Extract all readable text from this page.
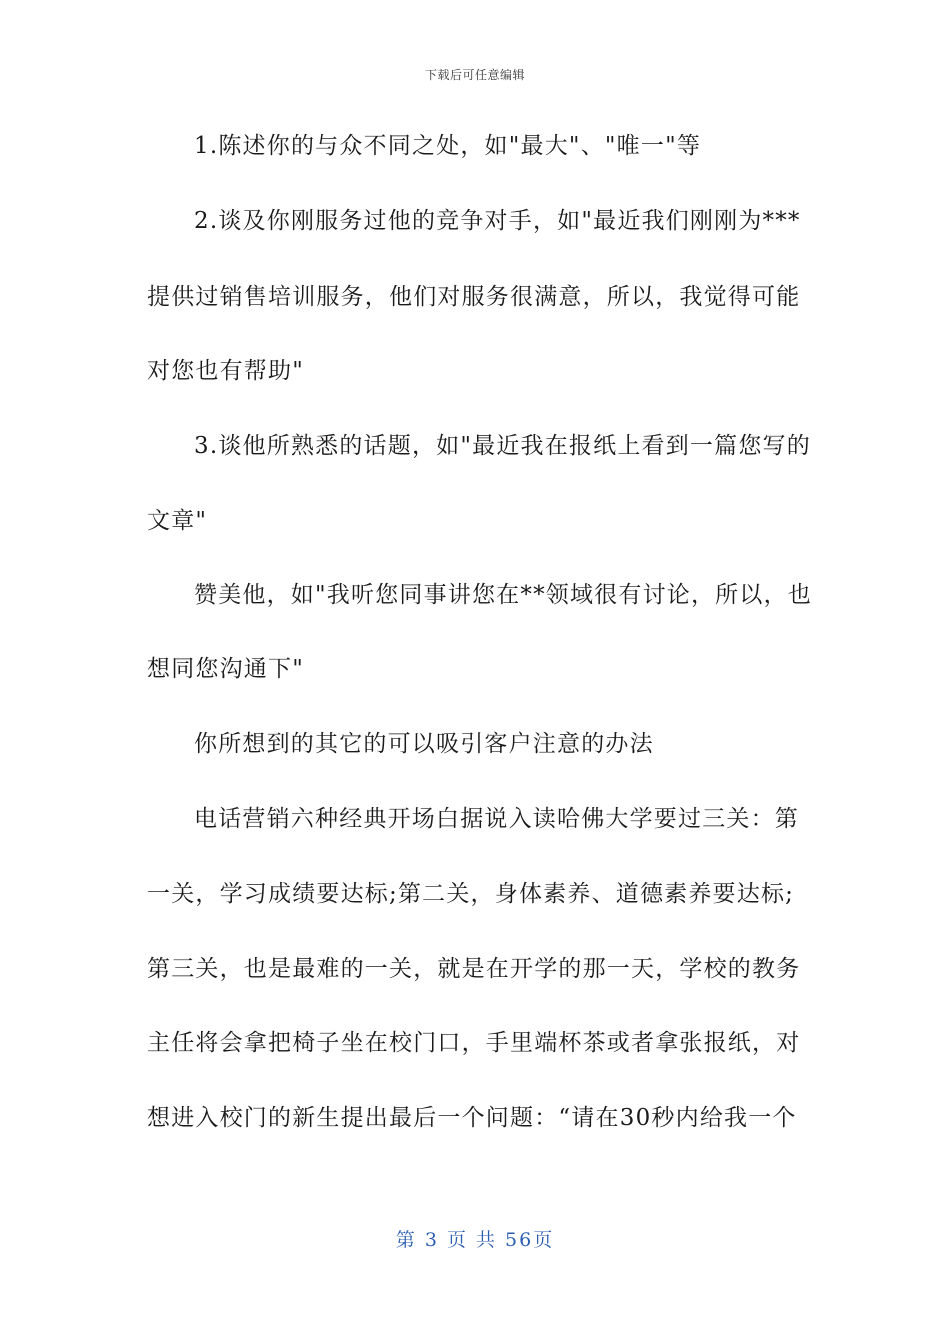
下载后可任意编辑
1.陈述你的与众不同之处，如"最大"、"唯一"等
2.谈及你刚服务过他的竞争对手，如"最近我们刚刚为***
提供过销售培训服务，他们对服务很满意，所以，我觉得可能
对您也有帮助"
3.谈他所熟悉的话题，如"最近我在报纸上看到一篇您写的
文章"
赞美他，如"我听您同事讲您在**领域很有讨论，所以，也
想同您沟通下"
你所想到的其它的可以吸引客户注意的办法
电话营销六种经典开场白据说入读哈佛大学要过三关：第
一关，学习成绩要达标;第二关，身体素养、道德素养要达标;
第三关，也是最难的一关，就是在开学的那一天，学校的教务
主任将会拿把椅子坐在校门口，手里端杯茶或者拿张报纸，对
想进入校门的新生提出最后一个问题：“请在30秒内给我一个
第 3 页 共 56页
